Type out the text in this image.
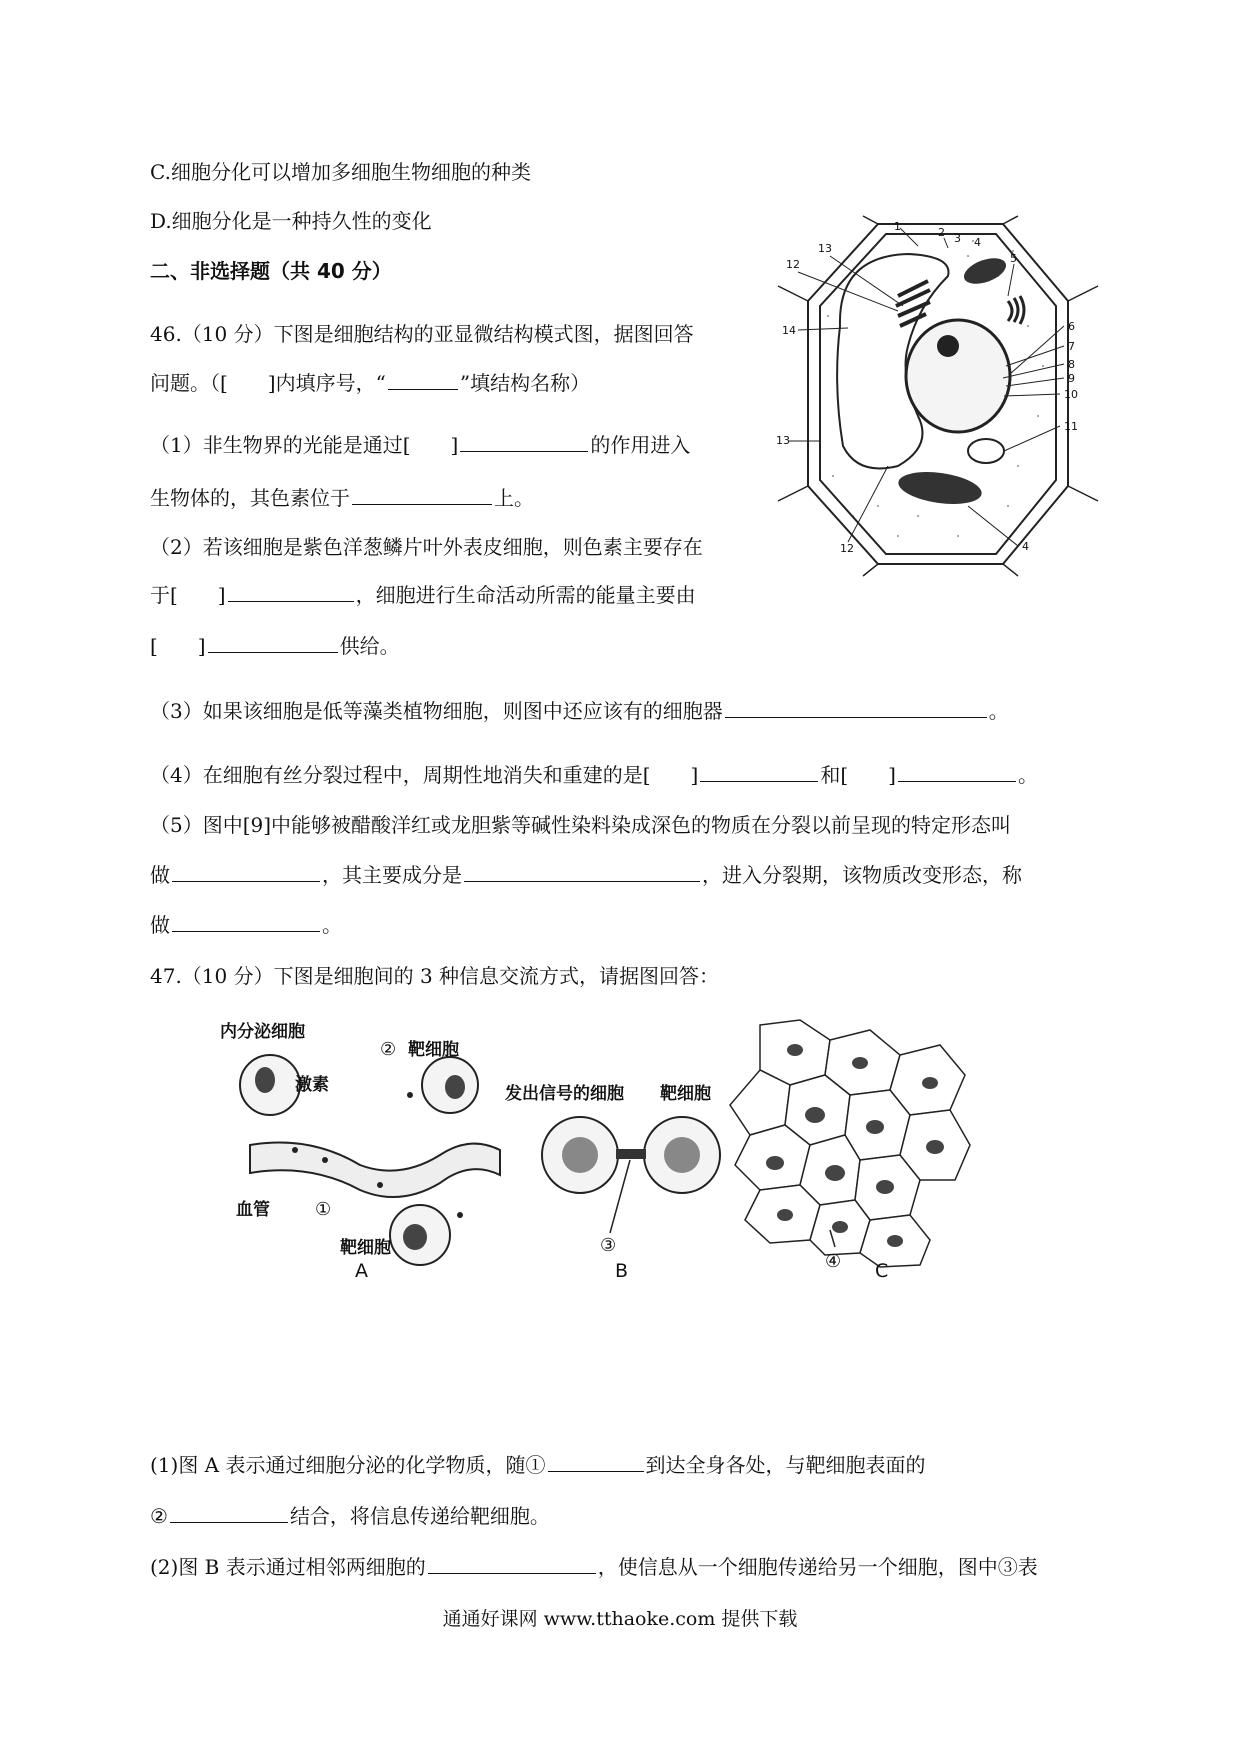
C.细胞分化可以增加多细胞生物细胞的种类
D.细胞分化是一种持久性的变化
二、非选择题（共 40 分）
46.（10 分）下图是细胞结构的亚显微结构模式图，据图回答
问题。（[　　]内填序号，“	”填结构名称）
（1）非生物界的光能是通过[　　]	的作用进入
生物体的，其色素位于	上。
（2）若该细胞是紫色洋葱鳞片叶外表皮细胞，则色素主要存在
于[　　]	，细胞进行生命活动所需的能量主要由
[　　]	供给。
（3）如果该细胞是低等藻类植物细胞，则图中还应该有的细胞器	。
（4）在细胞有丝分裂过程中，周期性地消失和重建的是[　　]	和[　　]	。
（5）图中[9]中能够被醋酸洋红或龙胆紫等碱性染料染成深色的物质在分裂以前呈现的特定形态叫
做	，其主要成分是	，进入分裂期，该物质改变形态，称
做	。
47.（10 分）下图是细胞间的 3 种信息交流方式，请据图回答：
(1)图 A 表示通过细胞分泌的化学物质，随①	到达全身各处，与靶细胞表面的
②	结合，将信息传递给靶细胞。
(2)图 B 表示通过相邻两细胞的	，使信息从一个细胞传递给另一个细胞，图中③表
通通好课网 www.tthaoke.com 提供下载
1	2 3 4
5
6
7
8
9
10
11
12
13
14
12
13
4
内分泌细胞
激素
② 靶细胞
血管	①
靶细胞
A
发出信号的细胞 靶细胞
③
B	④ C
